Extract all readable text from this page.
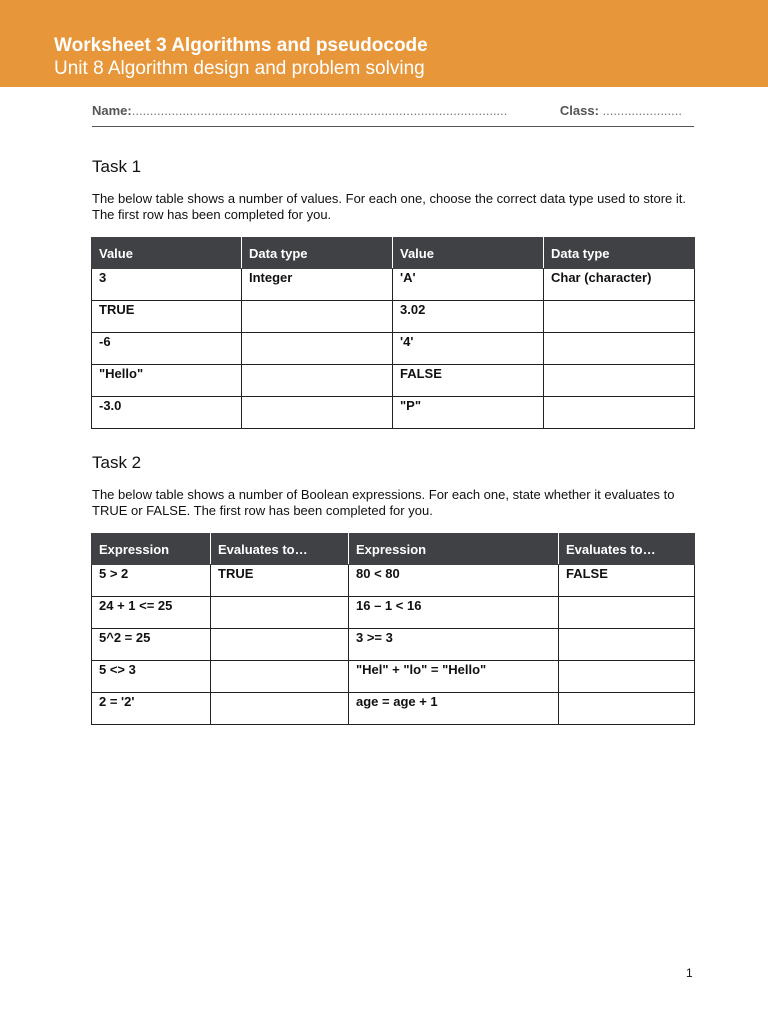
Worksheet 3 Algorithms and pseudocode
Unit 8 Algorithm design and problem solving
Name:........................................................................................................	Class: ......................
Task 1
The below table shows a number of values. For each one, choose the correct data type used to store it. The first row has been completed for you.
Value	Data type	Value	Data type
3	Integer	'A'	Char (character)
TRUE		3.02	
-6		'4'	
"Hello"		FALSE	
-3.0		"P"	
Task 2
The below table shows a number of Boolean expressions. For each one, state whether it evaluates to TRUE or FALSE. The first row has been completed for you.
Expression	Evaluates to…	Expression	Evaluates to…
5 > 2	TRUE	80 < 80	FALSE
24 + 1 <= 25		16 – 1 < 16	
5^2 = 25		3 >= 3	
5 <> 3		"Hel" + "lo" = "Hello"	
2 = '2'		age = age + 1	
1
